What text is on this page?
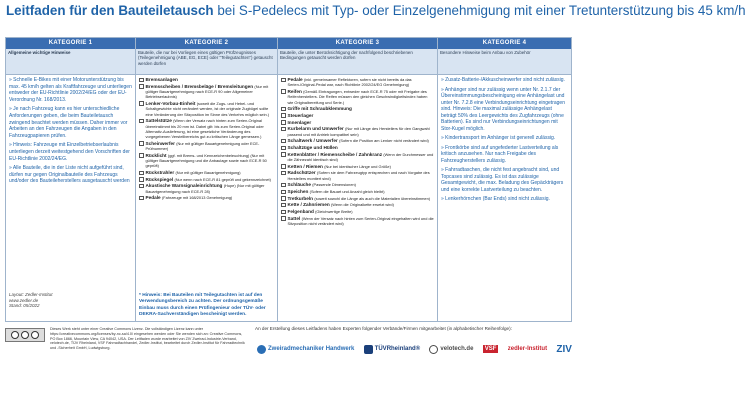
Leitfaden für den Bauteiletausch bei S-Pedelecs mit Typ- oder Einzelgenehmigung mit einer Tretunterstützung bis 45 km/h
KATEGORIE 1
Allgemeine wichtige Hinweise

» Schnelle E-Bikes mit einer Motorunterstützung bis max. 45 km/h gelten als Kraftfahrzeuge und unterliegen entweder der EU-Richtlinie 2002/24/EG oder der EU-Verordnung Nr. 168/2013.

» Je nach Fahrzeug kann es hier unterschiedliche Anforderungen geben, die beim Bauteiletausch zwingend beachtet werden müssen. Daher immer vor Arbeiten an den Fahrzeugen die Angaben in den Fahrzeugpapieren prüfen.

» Hinweis: Fahrzeuge mit Einzelbetriebserlaubnis unterliegen derzeit weitestgehend den Vorschriften der EU-Richtlinie 2002/24/EG.

» Alle Bauteile, die in der Liste nicht aufgeführt sind, dürfen nur gegen Originalbauteile des Fahrzeugs und/oder des Bauteileherstellers ausgetauscht werden

Layout: Zedler-Institut
www.zedler.de
Stand: 05/2022
KATEGORIE 2
Bauteile, die nur bei Vorliegen eines gültigen Prüfzeugnisses (Teilegenehmigung (ABE, EG, ECE) oder "Teilegutachten") getauscht werden dürfen
Bremsanlagen
Bremsscheiben / Bremsbeläge / Bremsleitungen (Nur mit gültiger Bauartgenehmigung nach ECE-R 90 oder Allgemeiner Betriebserlaubnis)
Lenker-Vorbau-Einheit (soweit die Zugs- und Hebel- und Schaltgewichte nicht verändert werden, ist der originale Zugbügel sollte eine Veränderung der Sitzposition im Sinne des Verkehrs möglich sein.)
Sattelstütze (Wenn der Versatz nach hinten zum Serien-Original übereinstimmt bis 20 mm ist. Dabei gilt: bis zum Serien-Original oder Alternativ-Auslieferung, ist eine gesetzliche Veränderung des vorgegebenen Verstellbereichs gut zu kritischen Länge gemessen.)
Scheinwerfer (Nur mit gültiger Bauartgenehmigung oder ECE-Prüfnummer)
Rücklicht (ggf. mit Brems- und Kennzeichenbeleuchtung) (Nur mit gültiger Bauartgenehmigung und die Anbaulage sowie nach ECE-R 50 geprüft)
Rückstrahler (Nur mit gültiger Bauartgenehmigung)
Rückspiegel (Nur wenn nach ECE-R 81 geprüft und gekennzeichnet)
Akustische Warnsignaleinrichtung (Hupe) (Nur mit gültiger Bauartgenehmigung nach ECE-R 28)
Pedale (Fahrzeuge mit 168/2013 Genehmigung)
* Hinweis: Bei Bauteilen mit Teilegutachten ist auf den Verwendungsbereich zu achten. Der ordnungsgemäße Einbau muss durch einen Prüfingenieur oder TÜV- oder DEKRA-Sachverständigen bescheinigt werden.
KATEGORIE 3
Bauteile, die unter Berücksichtigung der nachfolgend beschriebenen Bedingungen getauscht werden dürfen
Pedale (inkl. gemeinsamer Reflektoren, sofern sie nicht bereits da das Serien-/Original-Pedal war, nach Richtlinie 2002/24/EG Genehmigung)
Reifen (Gemäß Eintragungen, entweder nach ECE-R 75 oder mit Freigabe des Reifenherstellers. Die Reifen müssen den gleichen Geschwindigkeitsindex haben wie Originalbereifung und Serie.)
Griffe mit Schraubklemmung
Steuerlager
Innenlager
Kurbelarm und Umwerfer (Nur mit Länge des Herstellers für den Gangwahl passend und mit Antrieb kompatibel sein)
Schaltwerk / Umwerfer (Sofern die Position am Lenker nicht verändert wird)
Schaltzüge und Hüllen
Kettenblätter / Riemenscheibe / Zahnkranz (Wenn der Durchmesser und die Zähnezahl identisch sind)
Ketten / Riemen (Nur bei identischer Länge und Größe)
Radschützer (Sofern sie dem Fahrzeugtyp entsprechen und nach Vorgabe des Herstellers montiert sind)
Schläuche (Passende Dimensionen)
Speichen (Sofern die Bauart und Anzahl gleich bleibt)
Tretkurbeln (soweit sowohl die Länge als auch die Materialien übereinstimmen)
Kette / Zahnriemen (Wenn die Originalkette ersetzt wird)
Felgenband (Gleichwertige Breite)
Sattel (Wenn der Versatz nach hinten zum Serien-Original eingehalten wird und die Sitzposition nicht verändert wird)
KATEGORIE 4
Besondere Hinweise beim Anbau von Zubehör

» Zusatz-Batterie-/Akkuscheinwerfer sind nicht zulässig.

» Anhänger sind nur zulässig wenn unter Nr. 2.1.7 der Übereinstimmungsbescheinigung eine Anhängelast und unter Nr. 7.2.8 eine Verbindungseinrichtung eingetragen sind. Hinweis: Die maximal zulässige Anhängelast beträgt 50% des Leergewichts des Zugfahrzeugs (ohne Batterien). Es sind nur Verbindungseinrichtungen mit Stor-Kugel möglich.

» Kindertransport im Anhänger ist generell zulässig.

» Frontkörbe sind auf ungefederter Lastverteilung als kritisch anzusehen. Nur nach Freigabe des Fahrzeugherstellers zulässig.

» Fahrradtaschen, die nicht fest angebracht sind, und Topcases sind zulässig. Es ist das zulässige Gesamtgewicht, die max. Beladung des Gepäckträgers und eine korrekte Lastverteilung zu beachten.

» Lenkerhörnchen (Bar Ends) sind nicht zulässig.

Dieses Werk steht unter einer Creative Commons Lizenz. Die vollständigen Lizenz kann unter https://creativecommons.org/licenses/by-nc-sa/4.0/ eingesehen werden oder Sie wenden sich an: Creative Commons, PO Box 1866, Mountain View, CA 94042, USA. Der Leitfaden wurde erarbeitet von ZIV Zweirad-Industrie-Verband, velotech.de, TÜV Rheinland, VSF Fahrradfachhandel, Zedler-Institut, bearbeitet durch Zedler-Institut für Fahrradtechnik und -Sicherheit GmbH, Ludwigsburg.
An der Erstellung dieses Leitfadens haben Experten folgender Verbände/Firmen mitgearbeitet (in alphabetischer Reihenfolge):
Zweiradmechaniker Handwerk	TÜVRheinland®	velotech.de	VSF	zedler-Institut ZIV
